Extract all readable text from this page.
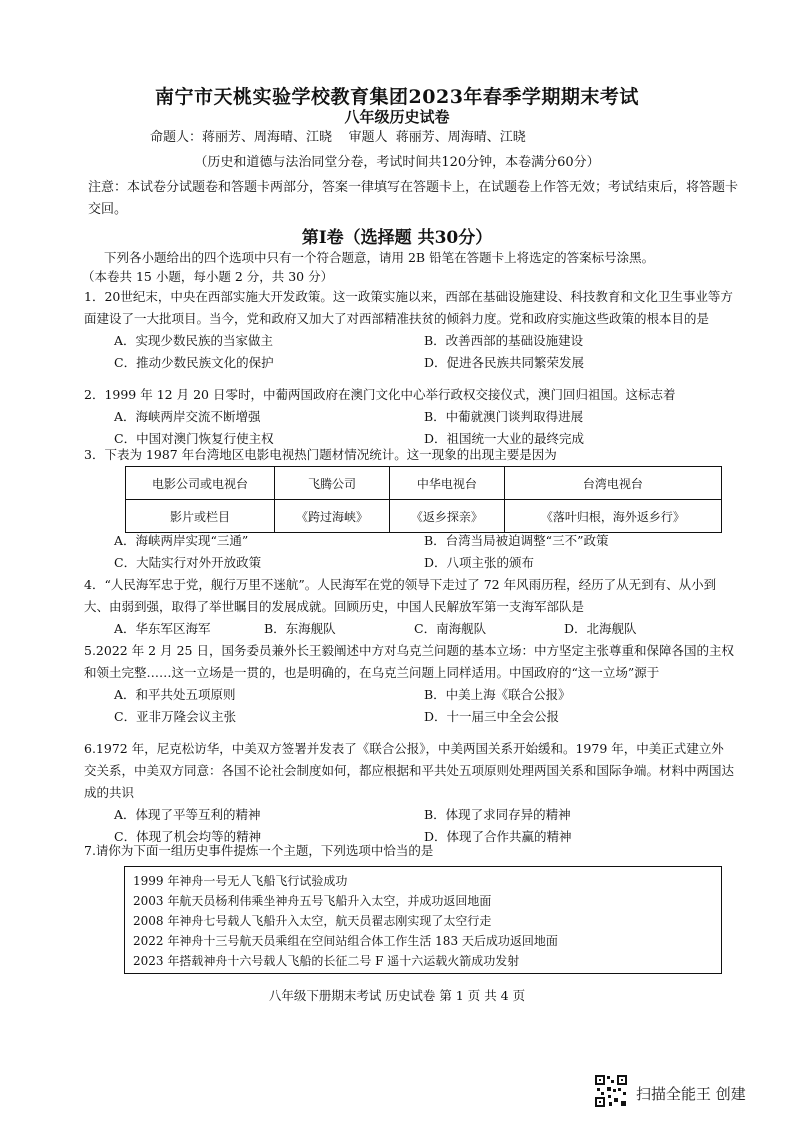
南宁市天桃实验学校教育集团2023年春季学期期末考试
八年级历史试卷
命题人：蒋丽芳、周海晴、江晓    审题人  蒋丽芳、周海晴、江晓
（历史和道德与法治同堂分卷，考试时间共120分钟，本卷满分60分）
注意：本试卷分试题卷和答题卡两部分，答案一律填写在答题卡上，在试题卷上作答无效；考试结束后，将答题卡交回。
第Ⅰ卷（选择题 共30分）
下列各小题给出的四个选项中只有一个符合题意，请用 2B 铅笔在答题卡上将选定的答案标号涂黑。
（本卷共 15 小题，每小题 2 分，共 30 分）

1．20世纪末，中央在西部实施大开发政策。这一政策实施以来，西部在基础设施建设、科技教育和文化卫生事业等方面建设了一大批项目。当今，党和政府又加大了对西部精准扶贫的倾斜力度。党和政府实施这些政策的根本目的是

A．实现少数民族的当家做主	B．改善西部的基础设施建设
C．推动少数民族文化的保护	D．促进各民族共同繁荣发展

2．1999 年 12 月 20 日零时，中葡两国政府在澳门文化中心举行政权交接仪式，澳门回归祖国。这标志着

A．海峡两岸交流不断增强	B．中葡就澳门谈判取得进展
C．中国对澳门恢复行使主权	D．祖国统一大业的最终完成

3．下表为 1987 年台湾地区电影电视热门题材情况统计。这一现象的出现主要是因为

电影公司或电视台	飞腾公司	中华电视台	台湾电视台
影片或栏目	《跨过海峡》	《返乡探亲》	《落叶归根，海外返乡行》
A．海峡两岸实现“三通”	B．台湾当局被迫调整“三不”政策
C．大陆实行对外开放政策	D．八项主张的颁布

4．“人民海军忠于党，舰行万里不迷航”。人民海军在党的领导下走过了 72 年风雨历程，经历了从无到有、从小到大、由弱到强，取得了举世瞩目的发展成就。回顾历史，中国人民解放军第一支海军部队是

A．华东军区海军	B．东海舰队	C．南海舰队	D．北海舰队

5.2022 年 2 月 25 日，国务委员兼外长王毅阐述中方对乌克兰问题的基本立场：中方坚定主张尊重和保障各国的主权和领土完整……这一立场是一贯的，也是明确的，在乌克兰问题上同样适用。中国政府的“这一立场”源于

A．和平共处五项原则	B．中美上海《联合公报》
C．亚非万隆会议主张	D．十一届三中全会公报

6.1972 年，尼克松访华，中美双方签署并发表了《联合公报》，中美两国关系开始缓和。1979 年，中美正式建立外交关系，中美双方同意：各国不论社会制度如何，都应根据和平共处五项原则处理两国关系和国际争端。材料中两国达成的共识

A．体现了平等互利的精神	B．体现了求同存异的精神
C．体现了机会均等的精神	D．体现了合作共赢的精神

7.请你为下面一组历史事件提炼一个主题，下列选项中恰当的是

1999 年神舟一号无人飞船飞行试验成功
2003 年航天员杨利伟乘坐神舟五号飞船升入太空，并成功返回地面
2008 年神舟七号载人飞船升入太空，航天员翟志刚实现了太空行走
2022 年神舟十三号航天员乘组在空间站组合体工作生活 183 天后成功返回地面
2023 年搭载神舟十六号载人飞船的长征二号 F 遥十六运载火箭成功发射
八年级下册期末考试 历史试卷 第 1 页 共 4 页
扫描全能王 创建
